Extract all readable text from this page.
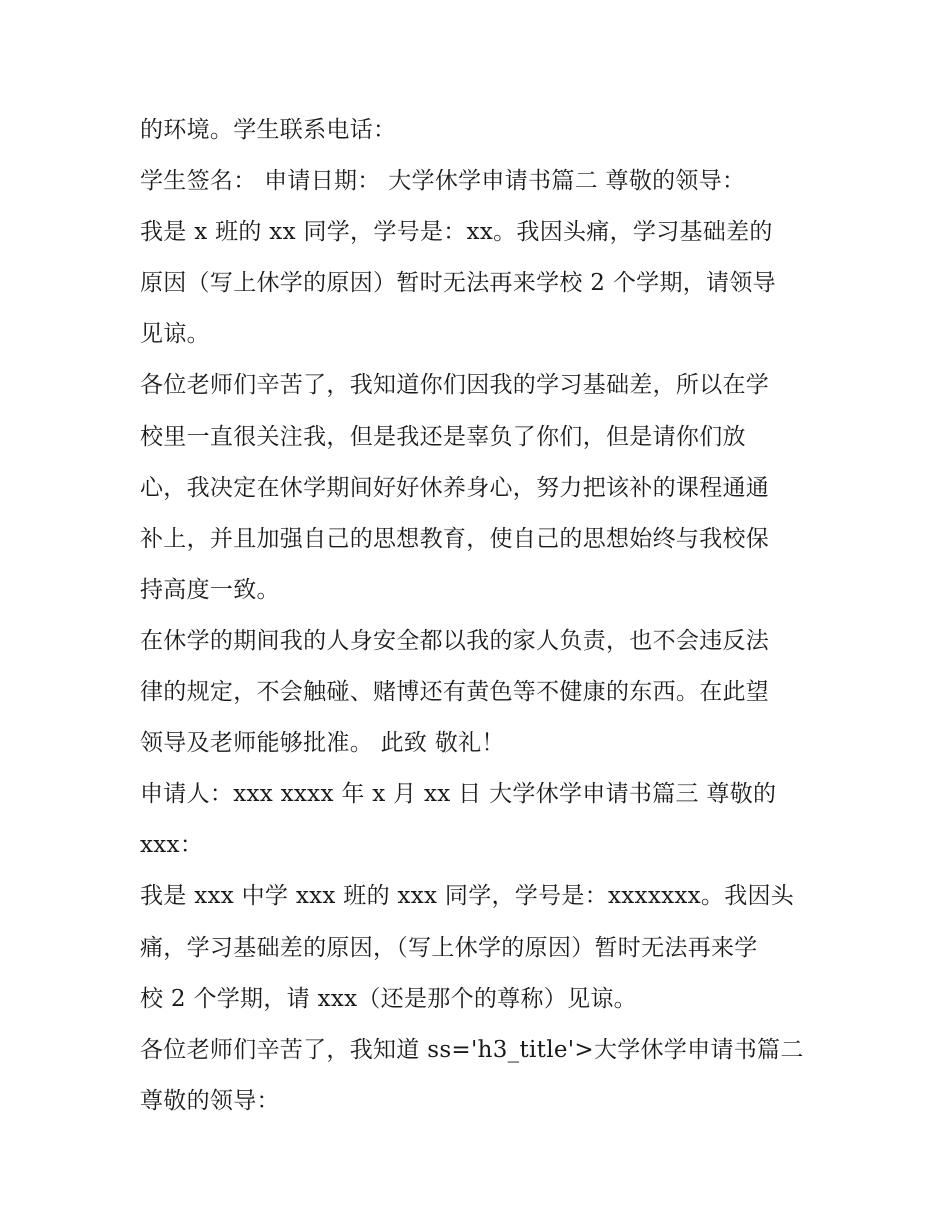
的环境。学生联系电话：
学生签名： 申请日期： 大学休学申请书篇二 尊敬的领导：
我是 x 班的 xx 同学，学号是：xx。我因头痛，学习基础差的
原因（写上休学的原因）暂时无法再来学校 2 个学期，请领导
见谅。
各位老师们辛苦了，我知道你们因我的学习基础差，所以在学
校里一直很关注我，但是我还是辜负了你们，但是请你们放
心，我决定在休学期间好好休养身心，努力把该补的课程通通
补上，并且加强自己的思想教育，使自己的思想始终与我校保
持高度一致。
在休学的期间我的人身安全都以我的家人负责，也不会违反法
律的规定，不会触碰、赌博还有黄色等不健康的东西。在此望
领导及老师能够批准。 此致 敬礼！
申请人：xxx xxxx 年 x 月 xx 日 大学休学申请书篇三 尊敬的
xxx：
我是 xxx 中学 xxx 班的 xxx 同学，学号是：xxxxxxx。我因头
痛，学习基础差的原因，（写上休学的原因）暂时无法再来学
校 2 个学期，请 xxx（还是那个的尊称）见谅。
各位老师们辛苦了，我知道 ss='h3_title'>大学休学申请书篇二
尊敬的领导：
